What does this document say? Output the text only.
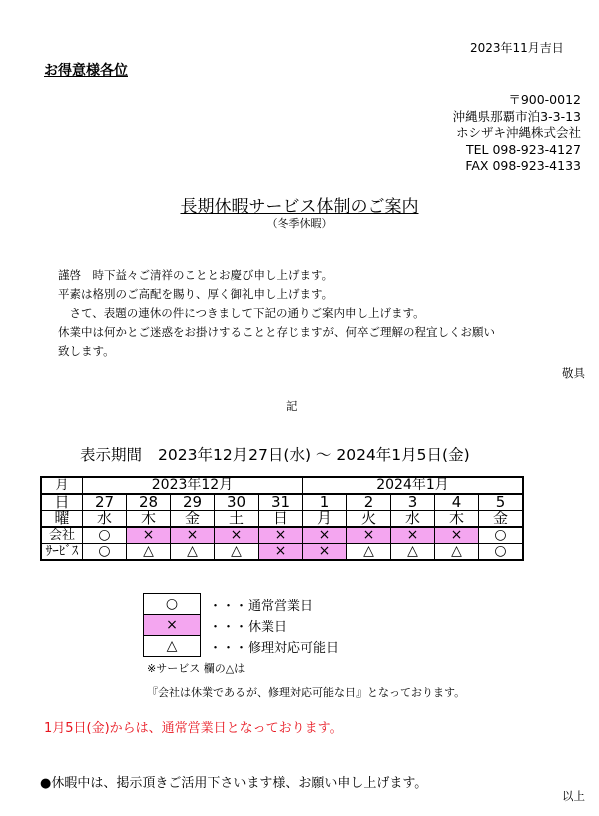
2023年11月吉日
お得意様各位
〒900-0012
沖縄県那覇市泊3-3-13
ホシザキ沖縄株式会社
TEL 098-923-4127
FAX 098-923-4133
長期休暇サービス体制のご案内
（冬季休暇）
謹啓　時下益々ご清祥のこととお慶び申し上げます。
平素は格別のご高配を賜り、厚く御礼申し上げます。
　さて、表題の連休の件につきまして下記の通りご案内申し上げます。
休業中は何かとご迷惑をお掛けすることと存じますが、何卒ご理解の程宜しくお願い
致します。
敬具
記
表示期間 2023年12月27日(水) ～ 2024年1月5日(金)
月	2023年12月					2024年1月				
日	27	28	29	30	31	1	2	3	4	5
曜	水	木	金	土	日	月	火	水	木	金
会社	○	×	×	×	×	×	×	×	×	○
ｻｰﾋﾞｽ	○	△	△	△	×	×	△	△	△	○
○	・・・通常営業日
×	・・・休業日
△	・・・修理対応可能日
※サービス 欄の△は
『会社は休業であるが、修理対応可能な日』となっております。
1月5日(金)からは、通常営業日となっております。
●休暇中は、掲示頂きご活用下さいます様、お願い申し上げます。
以上
